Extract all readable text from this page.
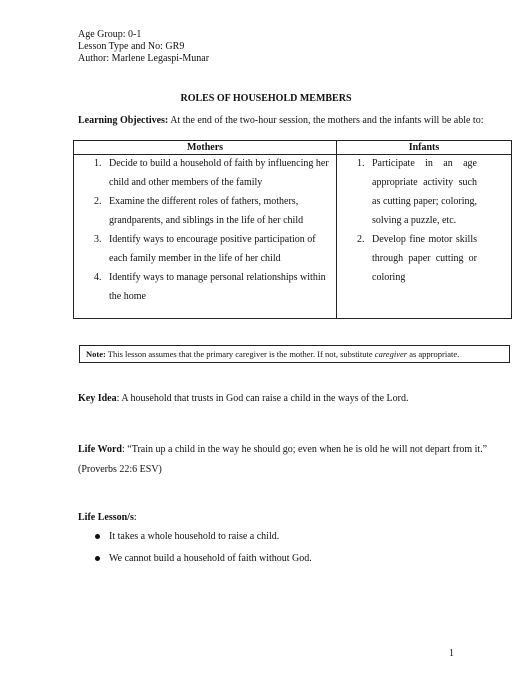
Age Group: 0-1
Lesson Type and No: GR9
Author: Marlene Legaspi-Munar
ROLES OF HOUSEHOLD MEMBERS
Learning Objectives: At the end of the two-hour session, the mothers and the infants will be able to:
Mothers	Infants
1. Decide to build a household of faith by influencing her child and other members of the family
2. Examine the different roles of fathers, mothers, grandparents, and siblings in the life of her child
3. Identify ways to encourage positive participation of each family member in the life of her child
4. Identify ways to manage personal relationships within the home
1. Participate in an age appropriate activity such as cutting paper; coloring, solving a puzzle, etc.
2. Develop fine motor skills through paper cutting or coloring
Note: This lesson assumes that the primary caregiver is the mother. If not, substitute caregiver as appropriate.
Key Idea: A household that trusts in God can raise a child in the ways of the Lord.
Life Word: “Train up a child in the way he should go; even when he is old he will not depart from it.” (Proverbs 22:6 ESV)
Life Lesson/s:
It takes a whole household to raise a child.
We cannot build a household of faith without God.
1
